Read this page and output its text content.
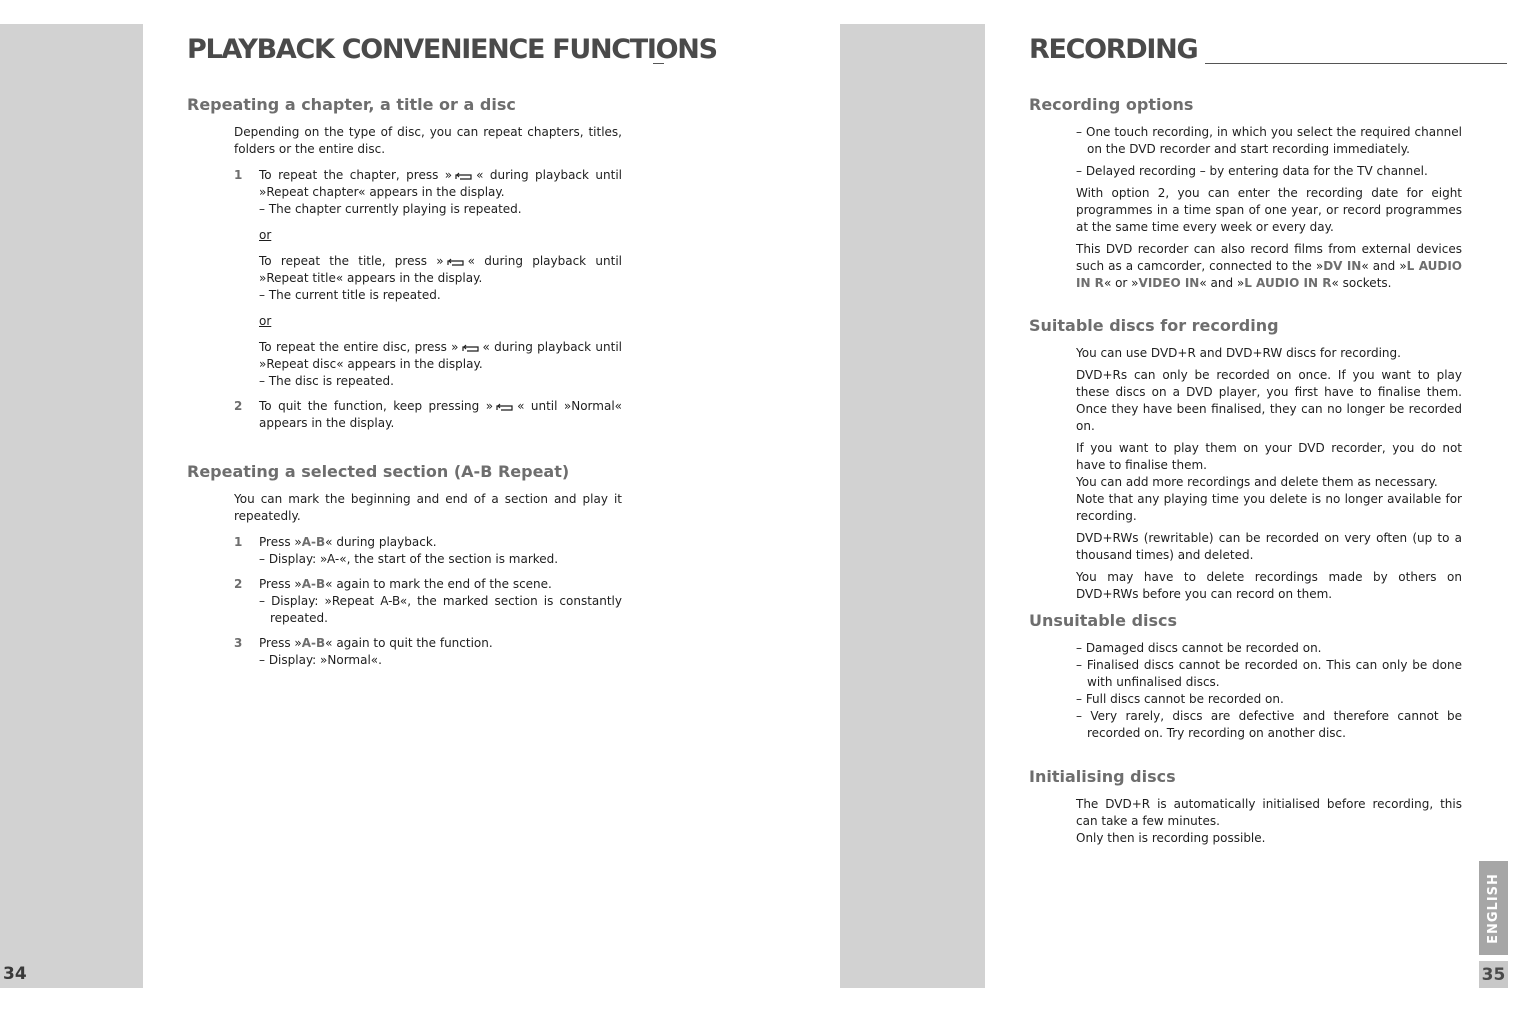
34
PLAYBACK CONVENIENCE FUNCTIONS
Repeating a chapter, a title or a disc

Depending on the type of disc, you can repeat chapters, titles, folders or the entire disc.

1 To repeat the chapter, press » « during playback until »Repeat chapter« appears in the display.
– The chapter currently playing is repeated.
or
To repeat the title, press » « during playback until »Repeat title« appears in the display.
– The current title is repeated.
or
To repeat the entire disc, press » « during playback until »Repeat disc« appears in the display.
– The disc is repeated.
2 To quit the function, keep pressing » « until »Normal« appears in the display.
Repeating a selected section (A-B Repeat)

You can mark the beginning and end of a section and play it repeatedly.

1 Press »A-B« during playback.
– Display: »A-«, the start of the section is marked.
2 Press »A-B« again to mark the end of the scene.
– Display: »Repeat A-B«, the marked section is constantly repeated.
3 Press »A-B« again to quit the function.
– Display: »Normal«.
RECORDING
Recording options
– One touch recording, in which you select the required channel on the DVD recorder and start recording immediately.
– Delayed recording – by entering data for the TV channel.

With option 2, you can enter the recording date for eight programmes in a time span of one year, or record programmes at the same time every week or every day.

This DVD recorder can also record films from external devices such as a camcorder, connected to the »DV IN« and »L AUDIO IN R« or »VIDEO IN« and »L AUDIO IN R« sockets.

Suitable discs for recording

You can use DVD+R and DVD+RW discs for recording.

DVD+Rs can only be recorded on once. If you want to play these discs on a DVD player, you first have to finalise them. Once they have been finalised, they can no longer be recorded on.

If you want to play them on your DVD recorder, you do not have to finalise them.
You can add more recordings and delete them as necessary.
Note that any playing time you delete is no longer available for recording.

DVD+RWs (rewritable) can be recorded on very often (up to a thousand times) and deleted.

You may have to delete recordings made by others on DVD+RWs before you can record on them.

Unsuitable discs
– Damaged discs cannot be recorded on.
– Finalised discs cannot be recorded on. This can only be done with unfinalised discs.
– Full discs cannot be recorded on.
– Very rarely, discs are defective and therefore cannot be recorded on. Try recording on another disc.
Initialising discs

The DVD+R is automatically initialised before recording, this can take a few minutes.

Only then is recording possible.

ENGLISH
35
